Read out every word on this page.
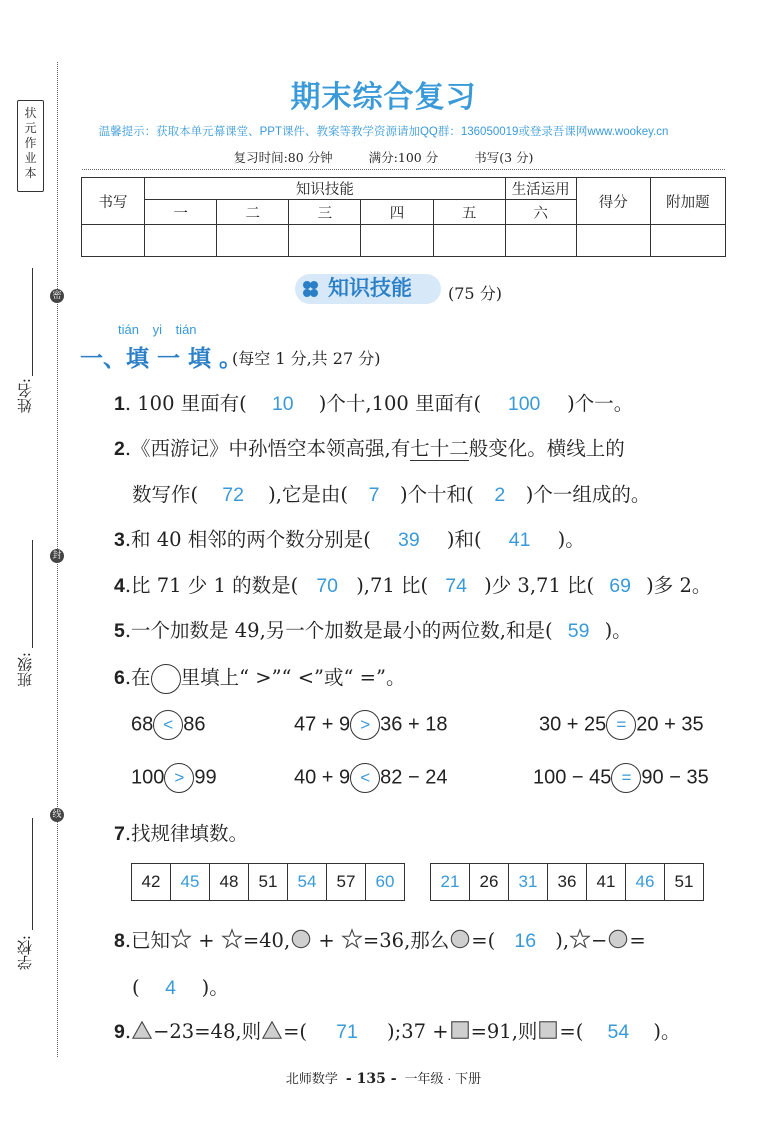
状
元
作
业
本
密
封
线
姓名:
班级:
学校:
期末综合复习
温馨提示：获取本单元幕课堂、PPT课件、教案等教学资源请加QQ群：136050019或登录吾课网www.wookey.cn
复习时间:80 分钟	满分:100 分	书写(3 分)
书写	知识技能					生活运用	得分	附加题
	一	二	三	四	五	六		

知识技能	(75 分)
tián yi tián
一、填 一 填 。
(每空 1 分,共 27 分)
1. 100 里面有( 10 )个十,100 里面有( 100 )个一。
2.《西游记》中孙悟空本领高强,有七十二般变化。横线上的
数写作( 72 ),它是由( 7 )个十和( 2 )个一组成的。
3.和 40 相邻的两个数分别是( 39 )和( 41 )。
4.比 71 少 1 的数是( 70 ),71 比( 74 )少 3,71 比( 69 )多 2。
5.一个加数是 49,另一个加数是最小的两位数,和是( 59 )。
6.在 里填上“ >”“ <”或“ =”。
68 < 86	47 + 9 > 36 + 18	30 + 25 = 20 + 35
100 > 99	40 + 9 < 82 − 24	100 − 45 = 90 − 35
7.找规律填数。
42	45	48	51	54	57	60	21	26	31	36	41	46	51
8.已知 + =40, + =36,那么 =( 16 ), − =
( 4 )。
9. −23=48,则 =( 71 );37 + =91,则 =( 54 )。
北师数学 - 135 - 一年级 · 下册
